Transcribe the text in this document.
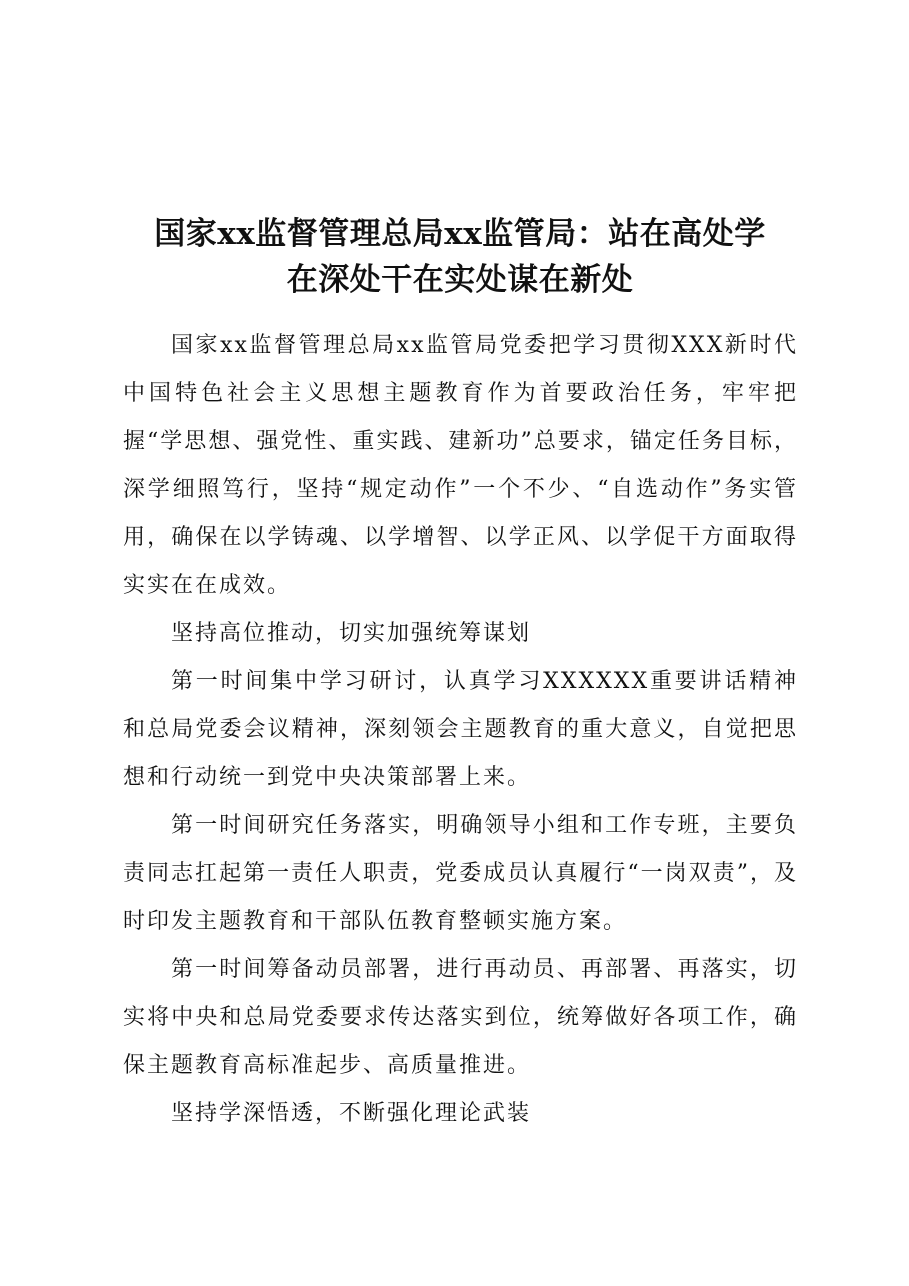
国家xx监督管理总局xx监管局：站在高处学
在深处干在实处谋在新处

国家xx监督管理总局xx监管局党委把学习贯彻XXX新时代中国特色社会主义思想主题教育作为首要政治任务，牢牢把握“学思想、强党性、重实践、建新功”总要求，锚定任务目标，深学细照笃行，坚持“规定动作”一个不少、“自选动作”务实管用，确保在以学铸魂、以学增智、以学正风、以学促干方面取得实实在在成效。

坚持高位推动，切实加强统筹谋划

第一时间集中学习研讨，认真学习XXXXXX重要讲话精神和总局党委会议精神，深刻领会主题教育的重大意义，自觉把思想和行动统一到党中央决策部署上来。

第一时间研究任务落实，明确领导小组和工作专班，主要负责同志扛起第一责任人职责，党委成员认真履行“一岗双责”，及时印发主题教育和干部队伍教育整顿实施方案。

第一时间筹备动员部署，进行再动员、再部署、再落实，切实将中央和总局党委要求传达落实到位，统筹做好各项工作，确保主题教育高标准起步、高质量推进。

坚持学深悟透，不断强化理论武装
